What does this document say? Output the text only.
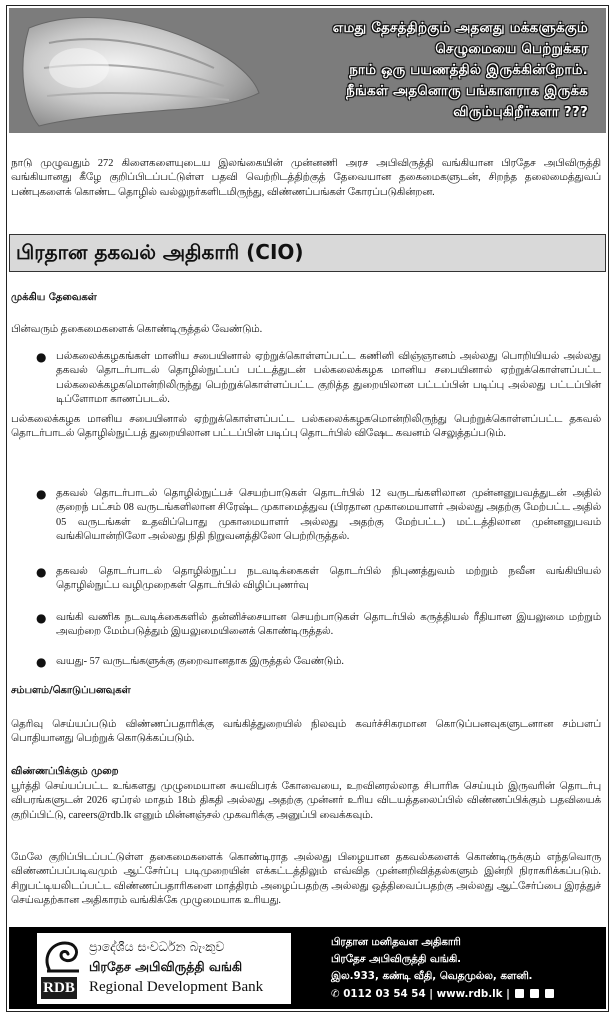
எமது தேசத்திற்கும் அதனது மக்களுக்கும்
செழுமையை பெற்றுக்கர
நாம் ஒரு பயணத்தில் இருக்கின்றோம்.
நீங்கள் அதனொரு பங்காளராக இருக்க
விரும்புகிறீர்களா ???
நாடு முழுவதும் 272 கிளைகளையுடைய இலங்கையின் முன்னணி அரச அபிவிருத்தி வங்கியான பிரதேச அபிவிருத்தி வங்கியானது கீழே குறிப்பிடப்பட்டுள்ள பதவி வெற்றிடத்திற்குத் தேவையான தகைமைகளுடன், சிறந்த தலைமைத்துவப் பண்புகளைக் கொண்ட தொழில் வல்லுநர்களிடமிருந்து, விண்ணப்பங்கள் கோரப்படுகின்றன.
பிரதான தகவல் அதிகாரி (CIO)
முக்கிய தேவைகள்
பின்வரும் தகைமைகளைக் கொண்டிருத்தல் வேண்டும்.
● பல்கலைக்கழகங்கள் மானிய சபையினால் ஏற்றுக்கொள்ளப்பட்ட கணினி விஞ்ஞானம் அல்லது பொறியியல் அல்லது தகவல் தொடர்பாடல் தொழில்நுட்பப் பட்டத்துடன் பல்கலைக்கழக மானிய சபையினால் ஏற்றுக்கொள்ளப்பட்ட பல்கலைக்கழகமொன்றிலிருந்து பெற்றுக்கொள்ளப்பட்ட குறித்த துறையிலான பட்டப்பின் படிப்பு அல்லது பட்டப்பின் டிப்ளோமா காணப்படல்.
பல்கலைக்கழக மானிய சபையினால் ஏற்றுக்கொள்ளப்பட்ட பல்கலைக்கழகமொன்றிலிருந்து பெற்றுக்கொள்ளப்பட்ட தகவல் தொடர்பாடல் தொழில்நுட்பத் துறையிலான பட்டப்பின் படிப்பு தொடர்பில் விஷேட கவனம் செலுத்தப்படும்.
● தகவல் தொடர்பாடல் தொழில்நுட்பச் செயற்பாடுகள் தொடர்பில் 12 வருடங்களிலான முன்னனுபவத்துடன் அதில் குறைந் பட்சம் 08 வருடங்களிலான சிரேஷ்ட முகாமைத்துவ (பிரதான முகாமையாளர் அல்லது அதற்கு மேற்பட்ட அதில் 05 வருடங்கள் உதவிப்பொது முகாமையாளர் அல்லது அதற்கு மேற்பட்ட) மட்டத்திலான முன்னனுபவம் வங்கியொன்றிலோ அல்லது நிதி நிறுவனத்திலோ பெற்றிருத்தல்.
● தகவல் தொடர்பாடல் தொழில்நுட்ப நடவடிக்கைகள் தொடர்பில் நிபுணத்துவம் மற்றும் நவீன வங்கியியல் தொழில்நுட்ப வழிமுறைகள் தொடர்பில் விழிப்புணர்வு
● வங்கி வணிக நடவடிக்கைகளில் தன்னிச்சையான செயற்பாடுகள் தொடர்பில் கருத்தியல் ரீதியான இயலுமை மற்றும் அவற்றை மேம்படுத்தும் இயலுமையினைக் கொண்டிருத்தல்.
● வயது- 57 வருடங்களுக்கு குறைவானதாக இருத்தல் வேண்டும்.
சம்பளம்/கொடுப்பனவுகள்
தெரிவு செய்யப்படும் விண்ணப்பதாரிக்கு வங்கித்துறையில் நிலவும் கவர்ச்சிகரமான கொடுப்பனவுகளுடனான சம்பளப் பொதியானது பெற்றுக் கொடுக்கப்படும்.
விண்ணப்பிக்கும் முறை
பூர்த்தி செய்யப்பட்ட உங்களது முழுமையான சுயவிபரக் கோவையை, உறவினரல்லாத சிபாரிசு செய்யும் இருவரின் தொடர்பு விபரங்களுடன் 2026 ஏப்ரல் மாதம் 18ம் திகதி அல்லது அதற்கு முன்னர் உரிய விடயத்தலைப்பில் விண்ணப்பிக்கும் பதவியைக் குறிப்பிட்டு, careers@rdb.lk எனும் மின்னஞ்சல் முகவரிக்கு அனுப்பி வைக்கவும்.
மேலே குறிப்பிடப்பட்டுள்ள தகைமைகளைக் கொண்டிராத அல்லது பிழையான தகவல்களைக் கொண்டிருக்கும் எந்தவொரு விண்ணப்பப்படிவமும் ஆட்சேர்ப்பு படிமுறையின் எக்கட்டத்திலும் எவ்வித முன்னறிவித்தல்களும் இன்றி நிராகரிக்கப்படும். சிறுபட்டியலிடப்பட்ட விண்ணப்பதாரிகளை மாத்திரம் அழைப்பதற்கு அல்லது ஒத்திவைப்பதற்கு அல்லது ஆட்சேர்ப்பை இரத்துச் செய்வதற்கான அதிகாரம் வங்கிக்கே முழுமையாக உரியது.
RDB
ප්‍රාදේශීය සංවර්ධන බැංකුව
பிரதேச அபிவிருத்தி வங்கி
Regional Development Bank
பிரதான மனிதவள அதிகாரி
பிரதேச அபிவிருத்தி வங்கி.
இல.933, கண்டி வீதி, வெதமுல்ல, களனி.
✆ 0112 03 54 54 | www.rdb.lk |
